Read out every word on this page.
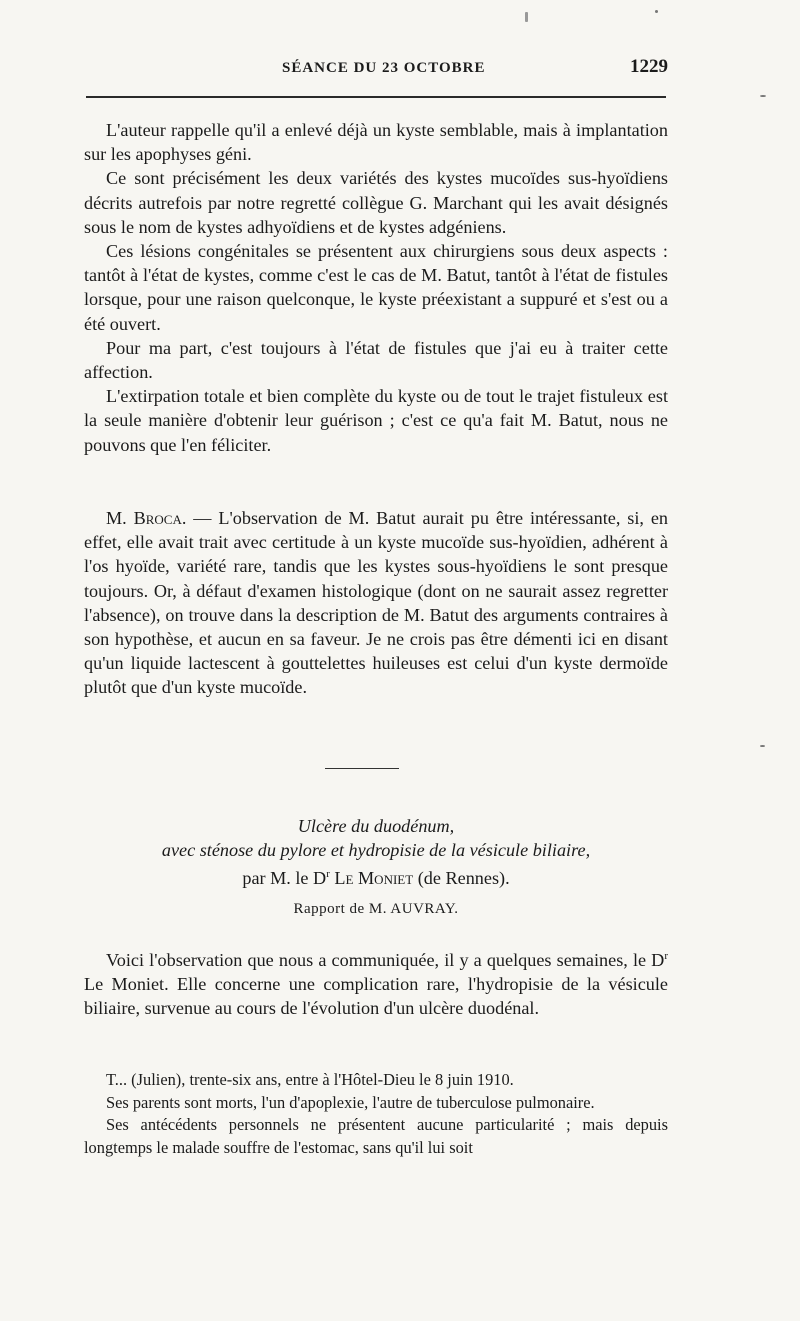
SÉANCE DU 23 OCTOBRE	1229

L'auteur rappelle qu'il a enlevé déjà un kyste semblable, mais à implantation sur les apophyses géni.

Ce sont précisément les deux variétés des kystes mucoïdes sus-hyoïdiens décrits autrefois par notre regretté collègue G. Marchant qui les avait désignés sous le nom de kystes adhyoïdiens et de kystes adgéniens.

Ces lésions congénitales se présentent aux chirurgiens sous deux aspects : tantôt à l'état de kystes, comme c'est le cas de M. Batut, tantôt à l'état de fistules lorsque, pour une raison quelconque, le kyste préexistant a suppuré et s'est ou a été ouvert.

Pour ma part, c'est toujours à l'état de fistules que j'ai eu à traiter cette affection.

L'extirpation totale et bien complète du kyste ou de tout le trajet fistuleux est la seule manière d'obtenir leur guérison ; c'est ce qu'a fait M. Batut, nous ne pouvons que l'en féliciter.

M. Broca. — L'observation de M. Batut aurait pu être intéressante, si, en effet, elle avait trait avec certitude à un kyste mucoïde sus-hyoïdien, adhérent à l'os hyoïde, variété rare, tandis que les kystes sous-hyoïdiens le sont presque toujours. Or, à défaut d'examen histologique (dont on ne saurait assez regretter l'absence), on trouve dans la description de M. Batut des arguments contraires à son hypothèse, et aucun en sa faveur. Je ne crois pas être démenti ici en disant qu'un liquide lactescent à gouttelettes huileuses est celui d'un kyste dermoïde plutôt que d'un kyste mucoïde.

Ulcère du duodénum,
avec sténose du pylore et hydropisie de la vésicule biliaire,
par M. le $D^r$ Le Moniet (de Rennes).
Rapport de M. AUVRAY.

Voici l'observation que nous a communiquée, il y a quelques semaines, le $D^r$ Le Moniet. Elle concerne une complication rare, l'hydropisie de la vésicule biliaire, survenue au cours de l'évolution d'un ulcère duodénal.

T... (Julien), trente-six ans, entre à l'Hôtel-Dieu le 8 juin 1910.

Ses parents sont morts, l'un d'apoplexie, l'autre de tuberculose pulmonaire.

Ses antécédents personnels ne présentent aucune particularité ; mais depuis longtemps le malade souffre de l'estomac, sans qu'il lui soit
